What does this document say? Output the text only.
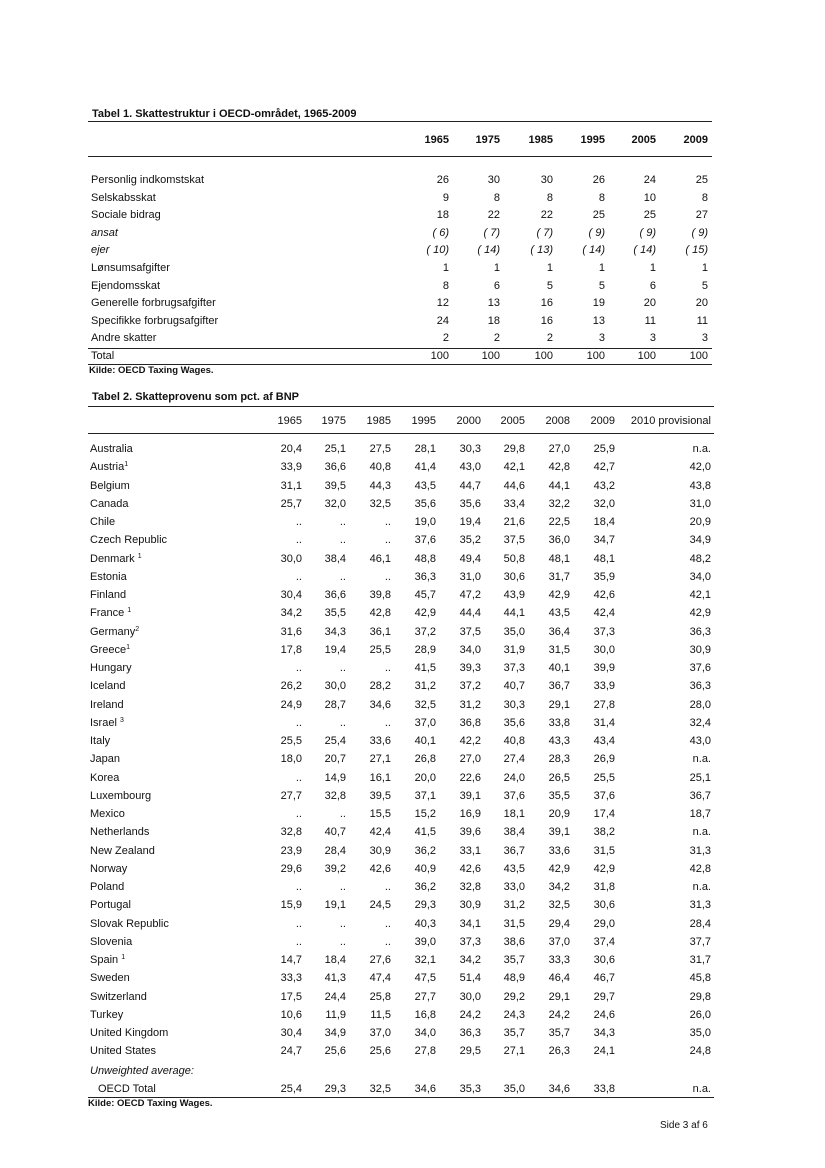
Tabel 1. Skattestruktur i OECD-området, 1965-2009
1965 1975	1985	1995 2005	2009
Personlig indkomstskat	26	30	30	26	24	25
Selskabsskat	9	8	8	8	10	8
Sociale bidrag	18	22	22	25	25	27
ansat	( 6)	( 7)	( 7)	( 9)	( 9)	( 9)
ejer	( 10)	( 14)	( 13)	( 14)	( 14)	( 15)
Lønsumsafgifter	1	1	1	1	1	1
Ejendomsskat	8	6	5	5	6	5
Generelle forbrugsafgifter	12	13	16	19	20	20
Specifikke forbrugsafgifter	24	18	16	13	11	11
Andre skatter	2	2	2	3	3	3
Total	100	100	100	100	100	100
Kilde: OECD Taxing Wages.
Tabel 2. Skatteprovenu som pct. af BNP
1965 1975 1985 1995 2000 2005 2008 2009 2010 provisional
Australia	20,4 25,1 27,5 28,1 30,3 29,8 27,0 25,9	n.a.
Austria$^1$	33,9 36,6 40,8 41,4 43,0 42,1 42,8 42,7	42,0
Belgium	31,1 39,5 44,3 43,5 44,7 44,6 44,1 43,2	43,8
Canada	25,7 32,0 32,5 35,6 35,6 33,4 32,2 32,0	31,0
Chile	..	..	.. 19,0 19,4 21,6 22,5 18,4	20,9
Czech Republic	..	..	.. 37,6 35,2 37,5 36,0 34,7	34,9
Denmark $^1$	30,0 38,4 46,1 48,8 49,4 50,8 48,1 48,1	48,2
Estonia	..	..	.. 36,3 31,0 30,6 31,7 35,9	34,0
Finland	30,4 36,6 39,8 45,7 47,2 43,9 42,9 42,6	42,1
France $^1$	34,2 35,5 42,8 42,9 44,4 44,1 43,5 42,4	42,9
Germany$^2$	31,6 34,3 36,1 37,2 37,5 35,0 36,4 37,3	36,3
Greece$^1$	17,8 19,4 25,5 28,9 34,0 31,9 31,5 30,0	30,9
Hungary	..	..	.. 41,5 39,3 37,3 40,1 39,9	37,6
Iceland	26,2 30,0 28,2 31,2 37,2 40,7 36,7 33,9	36,3
Ireland	24,9 28,7 34,6 32,5 31,2 30,3 29,1 27,8	28,0
Israel $^3$	..	..	.. 37,0 36,8 35,6 33,8 31,4	32,4
Italy	25,5 25,4 33,6 40,1 42,2 40,8 43,3 43,4	43,0
Japan	18,0 20,7 27,1 26,8 27,0 27,4 28,3 26,9	n.a.
Korea	.. 14,9 16,1 20,0 22,6 24,0 26,5 25,5	25,1
Luxembourg	27,7 32,8 39,5 37,1 39,1 37,6 35,5 37,6	36,7
Mexico	..	.. 15,5 15,2 16,9 18,1 20,9 17,4	18,7
Netherlands	32,8 40,7 42,4 41,5 39,6 38,4 39,1 38,2	n.a.
New Zealand	23,9 28,4 30,9 36,2 33,1 36,7 33,6 31,5	31,3
Norway	29,6 39,2 42,6 40,9 42,6 43,5 42,9 42,9	42,8
Poland	..	..	.. 36,2 32,8 33,0 34,2 31,8	n.a.
Portugal	15,9 19,1 24,5 29,3 30,9 31,2 32,5 30,6	31,3
Slovak Republic	..	..	.. 40,3 34,1 31,5 29,4 29,0	28,4
Slovenia	..	..	.. 39,0 37,3 38,6 37,0 37,4	37,7
Spain $^1$	14,7 18,4 27,6 32,1 34,2 35,7 33,3 30,6	31,7
Sweden	33,3 41,3 47,4 47,5 51,4 48,9 46,4 46,7	45,8
Switzerland	17,5 24,4 25,8 27,7 30,0 29,2 29,1 29,7	29,8
Turkey	10,6 11,9 11,5 16,8 24,2 24,3 24,2 24,6	26,0
United Kingdom	30,4 34,9 37,0 34,0 36,3 35,7 35,7 34,3	35,0
United States	24,7 25,6 25,6 27,8 29,5 27,1 26,3 24,1	24,8
Unweighted average:
OECD Total	25,4 29,3 32,5 34,6 35,3 35,0 34,6 33,8	n.a.
Kilde: OECD Taxing Wages.
Side 3 af 6
